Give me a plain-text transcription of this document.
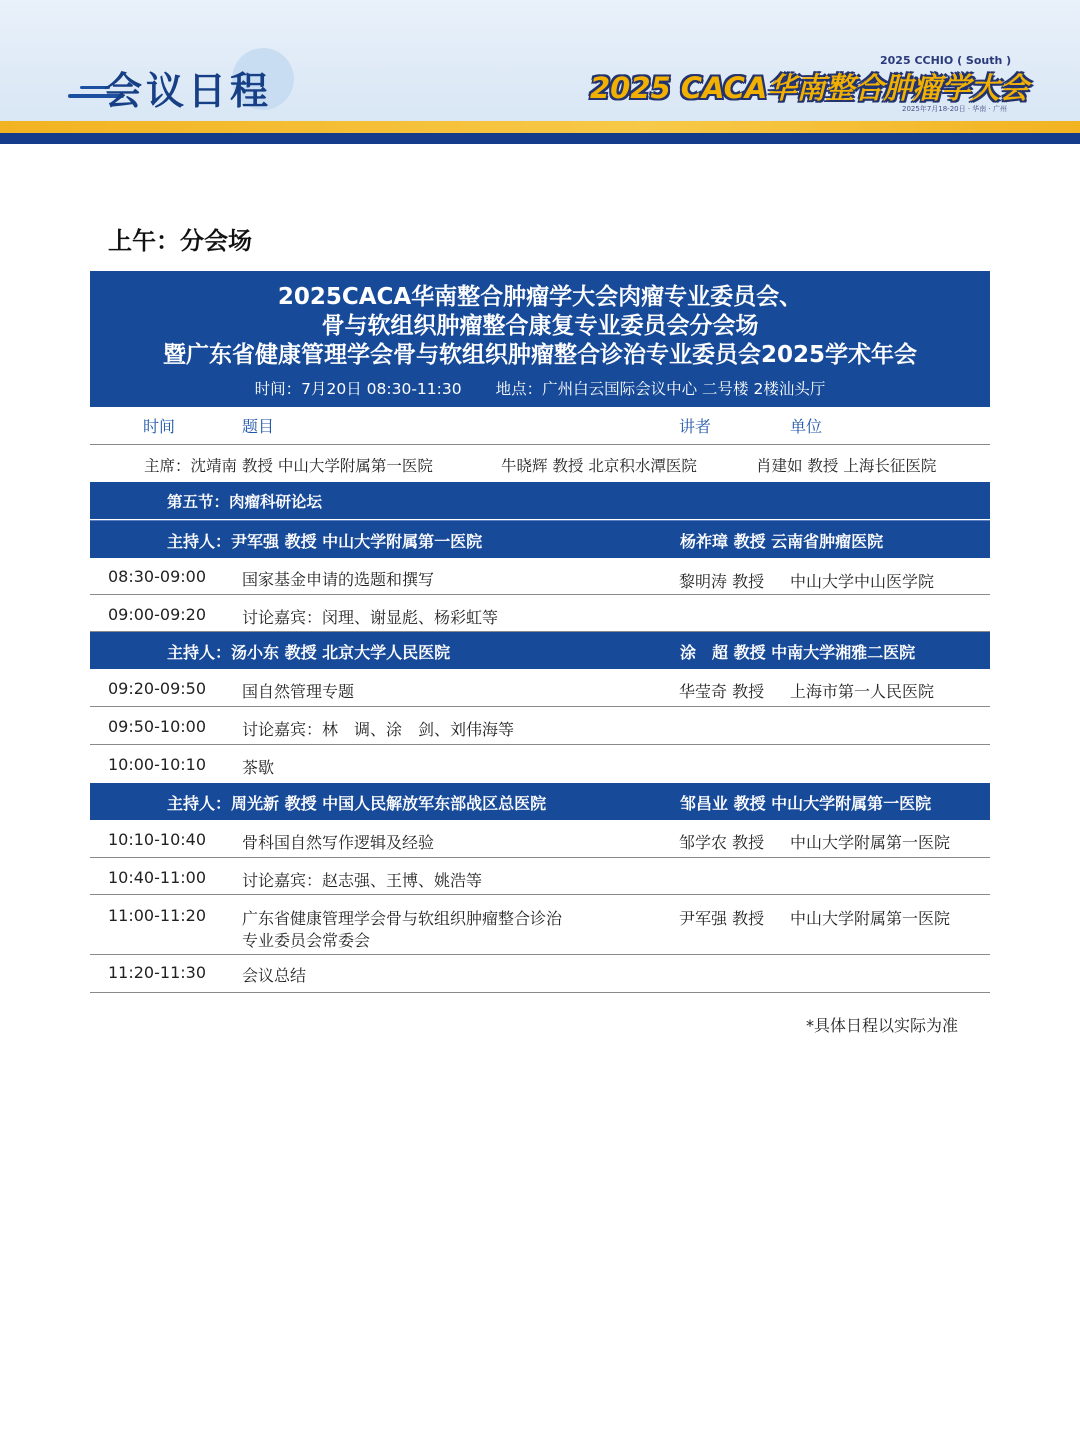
会议日程
2025 CCHIO ( South )
2025 CACA华南整合肿瘤学大会
2025年7月18-20日 · 华南 · 广州
上午：分会场
2025CACA华南整合肿瘤学大会肉瘤专业委员会、
骨与软组织肿瘤整合康复专业委员会分会场
暨广东省健康管理学会骨与软组织肿瘤整合诊治专业委员会2025学术年会
时间：7月20日 08:30-11:30 地点：广州白云国际会议中心 二号楼 2楼汕头厅
时间	题目	讲者	单位
主席：沈靖南 教授 中山大学附属第一医院	牛晓辉 教授 北京积水潭医院	肖建如 教授 上海长征医院
第五节：肉瘤科研论坛
主持人：尹军强 教授 中山大学附属第一医院	杨祚璋 教授 云南省肿瘤医院
08:30-09:00 国家基金申请的选题和撰写	黎明涛 教授 中山大学中山医学院
09:00-09:20 讨论嘉宾：闵理、谢显彪、杨彩虹等
主持人：汤小东 教授 北京大学人民医院	涂　超 教授 中南大学湘雅二医院
09:20-09:50 国自然管理专题	华莹奇 教授 上海市第一人民医院
09:50-10:00 讨论嘉宾：林　调、涂　剑、刘伟海等
10:00-10:10 茶歇
主持人：周光新 教授 中国人民解放军东部战区总医院	邹昌业 教授 中山大学附属第一医院
10:10-10:40 骨科国自然写作逻辑及经验	邹学农 教授 中山大学附属第一医院
10:40-11:00 讨论嘉宾：赵志强、王博、姚浩等
11:00-11:20 广东省健康管理学会骨与软组织肿瘤整合诊治
专业委员会常委会
尹军强 教授 中山大学附属第一医院
11:20-11:30 会议总结
*具体日程以实际为准
